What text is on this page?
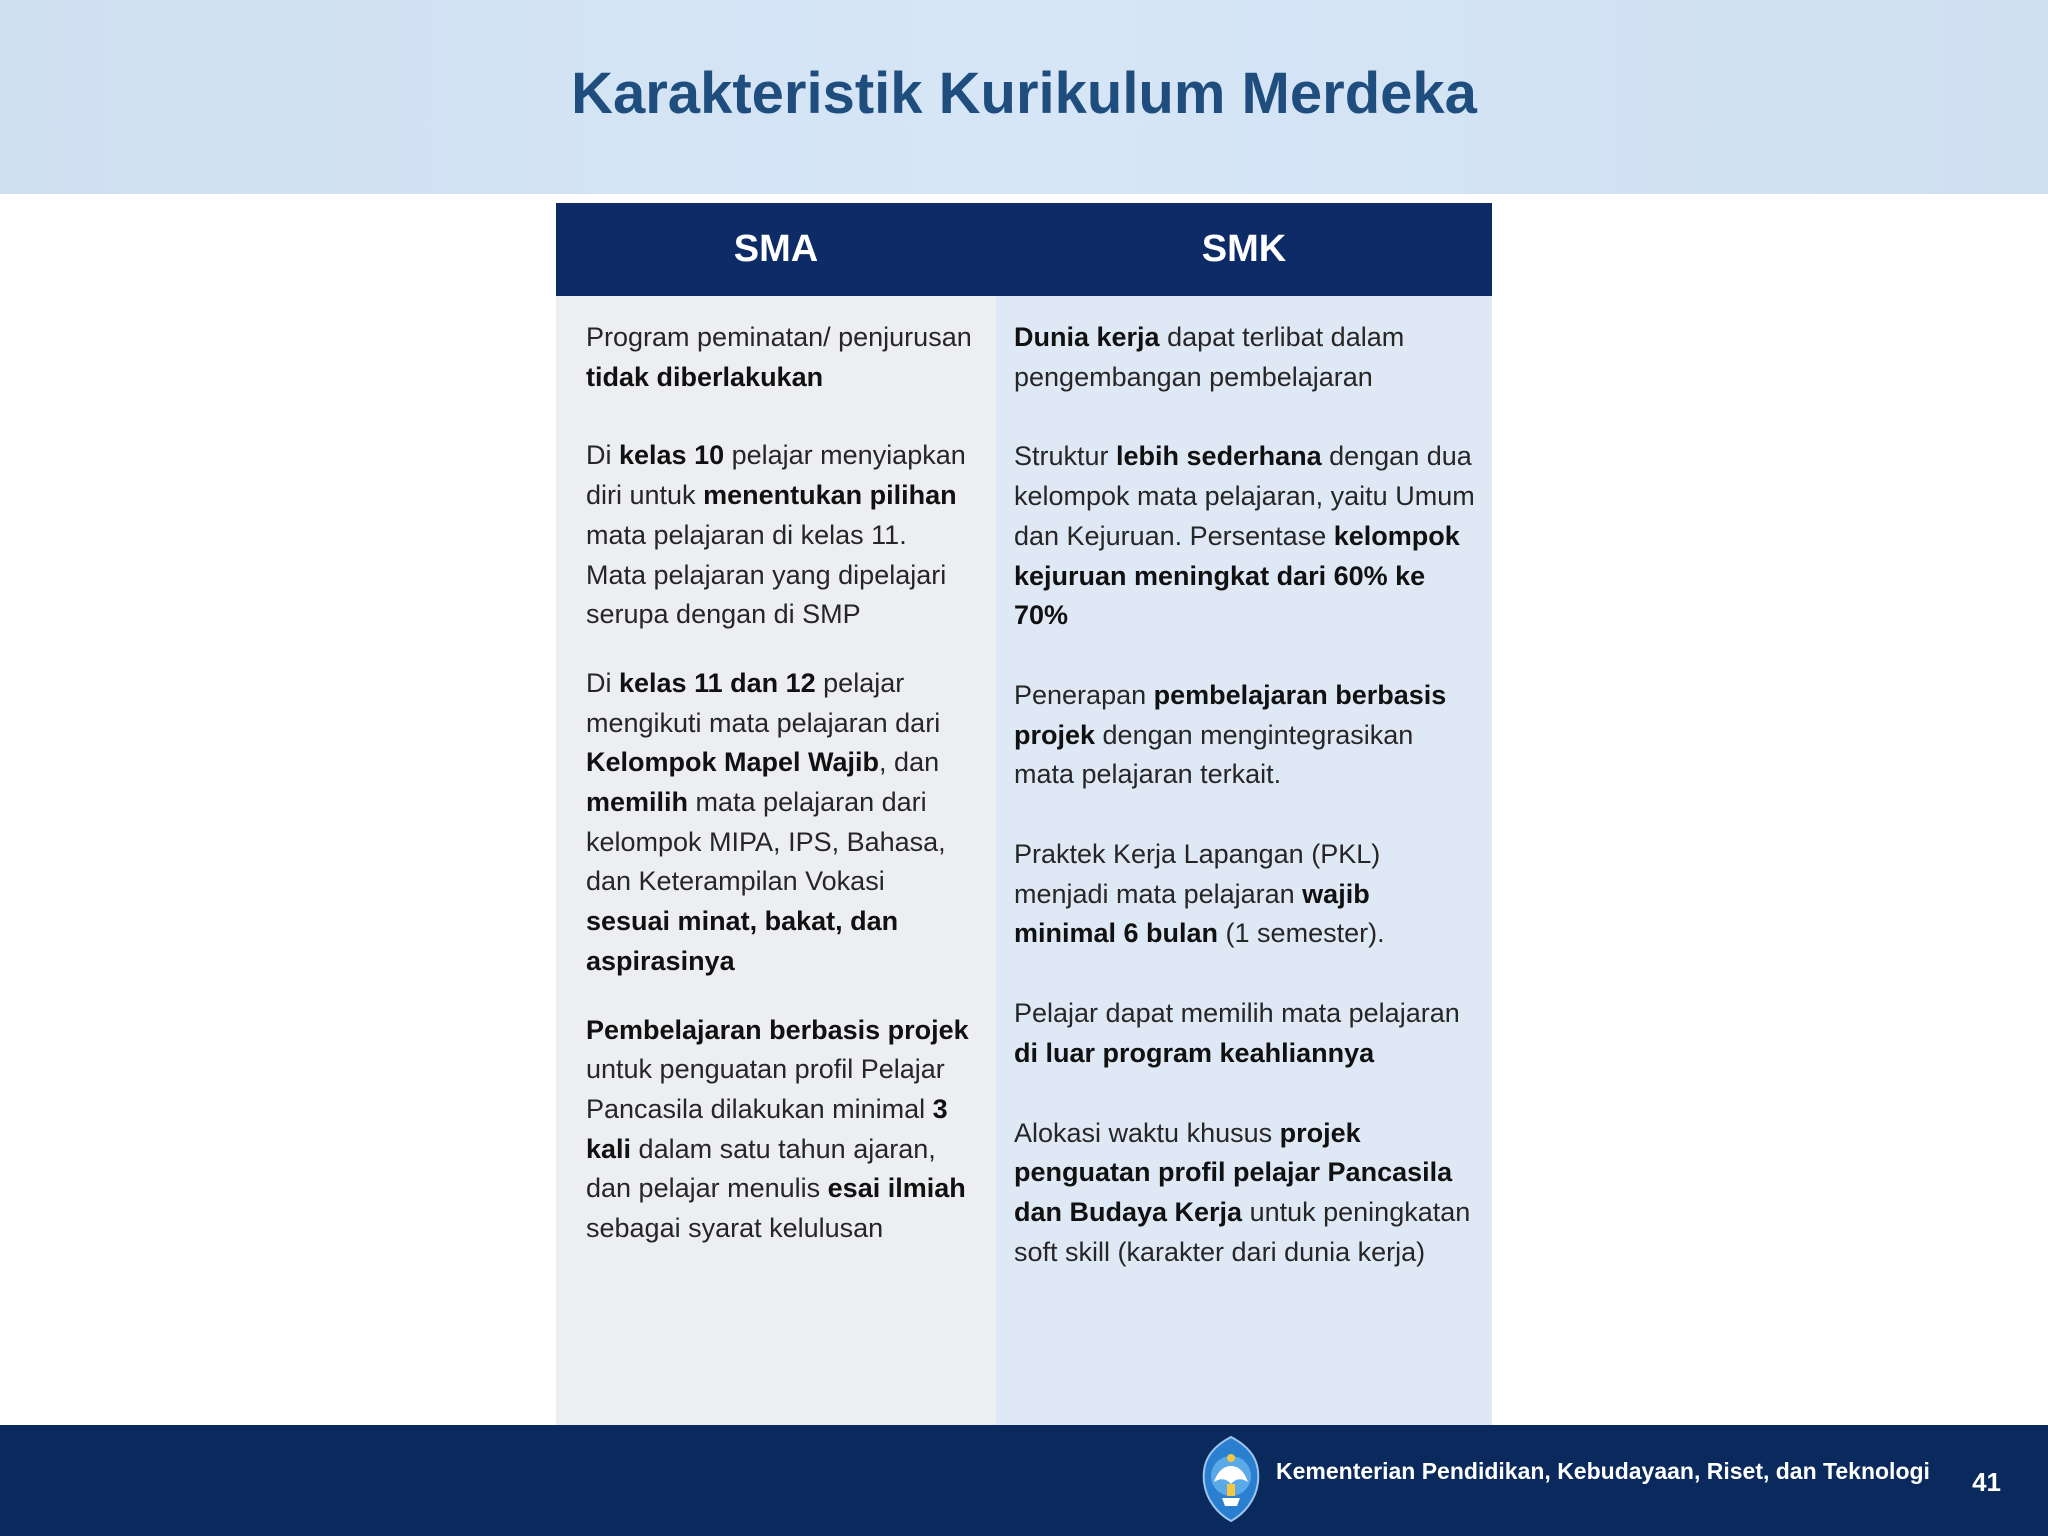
Karakteristik Kurikulum Merdeka
SMA	SMK

Program peminatan/ penjurusan tidak diberlakukan

Di kelas 10 pelajar menyiapkan diri untuk menentukan pilihan mata pelajaran di kelas 11. Mata pelajaran yang dipelajari serupa dengan di SMP

Di kelas 11 dan 12 pelajar mengikuti mata pelajaran dari Kelompok Mapel Wajib, dan memilih mata pelajaran dari kelompok MIPA, IPS, Bahasa, dan Keterampilan Vokasi sesuai minat, bakat, dan aspirasinya

Pembelajaran berbasis projek untuk penguatan profil Pelajar Pancasila dilakukan minimal 3 kali dalam satu tahun ajaran, dan pelajar menulis esai ilmiah sebagai syarat kelulusan

Dunia kerja dapat terlibat dalam pengembangan pembelajaran

Struktur lebih sederhana dengan dua kelompok mata pelajaran, yaitu Umum dan Kejuruan. Persentase kelompok kejuruan meningkat dari 60% ke 70%

Penerapan pembelajaran berbasis projek dengan mengintegrasikan mata pelajaran terkait.

Praktek Kerja Lapangan (PKL) menjadi mata pelajaran wajib minimal 6 bulan (1 semester).

Pelajar dapat memilih mata pelajaran di luar program keahliannya

Alokasi waktu khusus projek penguatan profil pelajar Pancasila dan Budaya Kerja untuk peningkatan soft skill (karakter dari dunia kerja)

Kementerian Pendidikan, Kebudayaan, Riset, dan Teknologi 41
